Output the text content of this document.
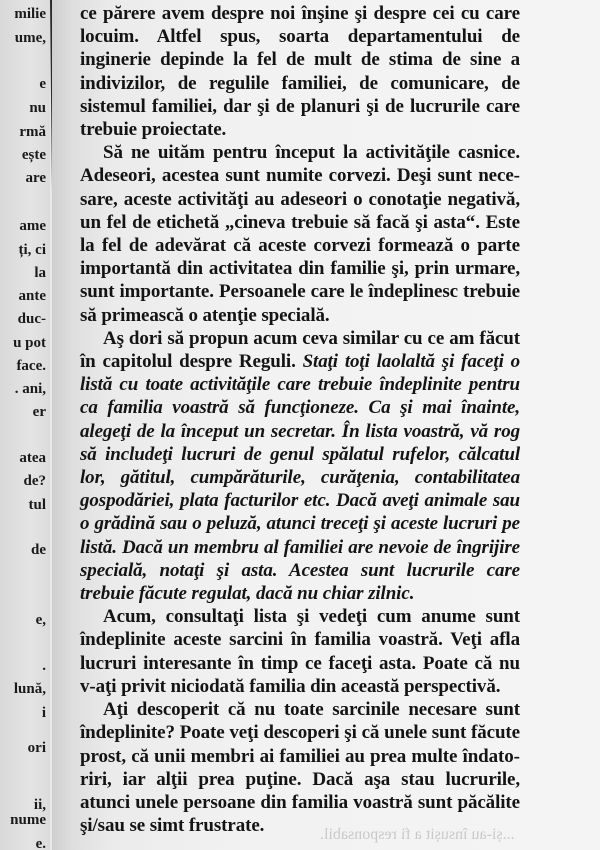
milie
ume,
e
nu
rmă
ește
are
ame
ți, ci
la
ante
duc-
u pot
face.
. ani,
er
atea
de?
tul
de
e,
.
lună,
i
ori
ii,
nume
e.

ce părere avem despre noi înşine şi despre cei cu care locuim. Altfel spus, soarta departamentului de inginerie depinde la fel de mult de stima de sine a indivizilor, de regulile familiei, de comunicare, de sistemul familiei, dar şi de planuri şi de lucrurile care trebuie proiectate.

Să ne uităm pentru început la activităţile casnice. Adeseori, acestea sunt numite corvezi. Deşi sunt necesare, aceste activităţi au adeseori o conotaţie negativă, un fel de etichetă „cineva trebuie să facă şi asta“. Este la fel de adevărat că aceste corvezi formează o parte importantă din activitatea din familie şi, prin urmare, sunt importante. Persoanele care le îndeplinesc trebuie să primească o atenţie specială.

Aş dori să propun acum ceva similar cu ce am făcut în capitolul despre Reguli. Staţi toţi laolaltă şi faceţi o listă cu toate activităţile care trebuie îndeplinite pentru ca familia voastră să funcţioneze. Ca şi mai înainte, alegeţi de la început un secretar. În lista voastră, vă rog să includeţi lucruri de genul spălatul rufelor, călcatul lor, gătitul, cumpărăturile, curăţenia, contabilitatea gospodăriei, plata facturilor etc. Dacă aveţi animale sau o grădină sau o peluză, atunci treceţi şi aceste lucruri pe listă. Dacă un membru al familiei are nevoie de îngrijire specială, notaţi şi asta. Acestea sunt lucrurile care trebuie făcute regulat, dacă nu chiar zilnic.

Acum, consultaţi lista şi vedeţi cum anume sunt îndeplinite aceste sarcini în familia voastră. Veţi afla lucruri interesante în timp ce faceţi asta. Poate că nu v-aţi privit niciodată familia din această perspectivă.

Aţi descoperit că nu toate sarcinile necesare sunt îndeplinite? Poate veţi descoperi şi că unele sunt făcute prost, că unii membri ai familiei au prea multe îndatoriri, iar alţii prea puţine. Dacă aşa stau lucrurile, atunci unele persoane din familia voastră sunt păcălite şi/sau se simt frustrate.	...și-au însușit a fi responsabil.
